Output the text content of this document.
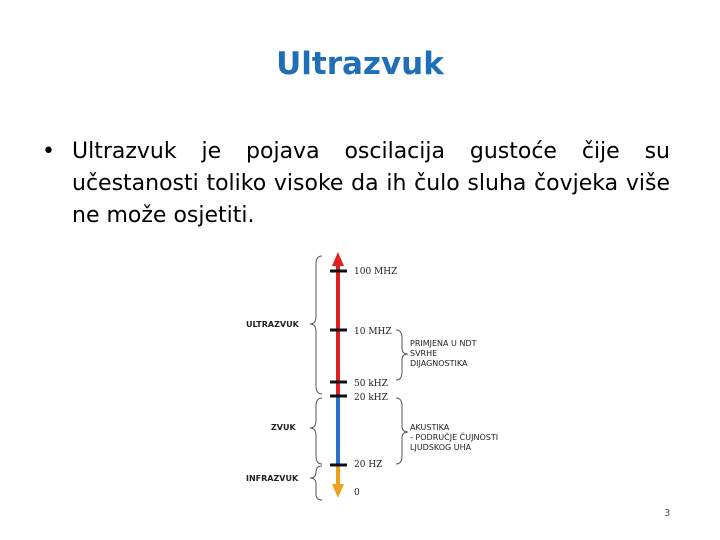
Ultrazvuk
• Ultrazvuk je pojava oscilacija gustoće čije su učestanosti toliko visoke da ih čulo sluha čovjeka više ne može osjetiti.
ULTRAZVUK
ZVUK
INFRAZVUK
100 MHZ
10 MHZ
50 kHZ
20 kHZ
20 HZ
0
PRIMJENA U NDT
SVRHE
DIJAGNOSTIKA
AKUSTIKA
- PODRUČJE ČUJNOSTI
LJUDSKOG UHA
3
